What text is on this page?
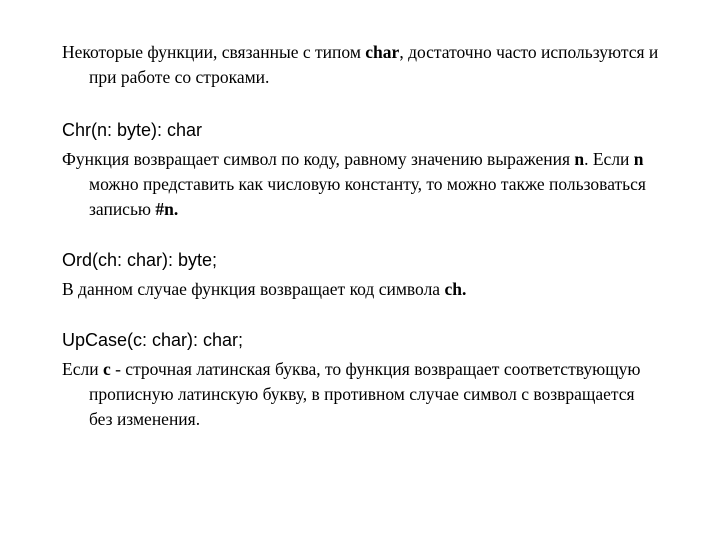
Некоторые функции, связанные с типом char, достаточно часто используются и при работе со строками.

Chr(n: byte): char

Функция возвращает символ по коду, равному значению выражения n. Если n можно представить как числовую константу, то можно также пользоваться записью #n.

Ord(ch: char): byte;

В данном случае функция возвращает код символа ch.

UpCase(c: char): char;

Если c - строчная латинская буква, то функция возвращает соответствующую прописную латинскую букву, в противном случае символ с возвращается без изменения.
